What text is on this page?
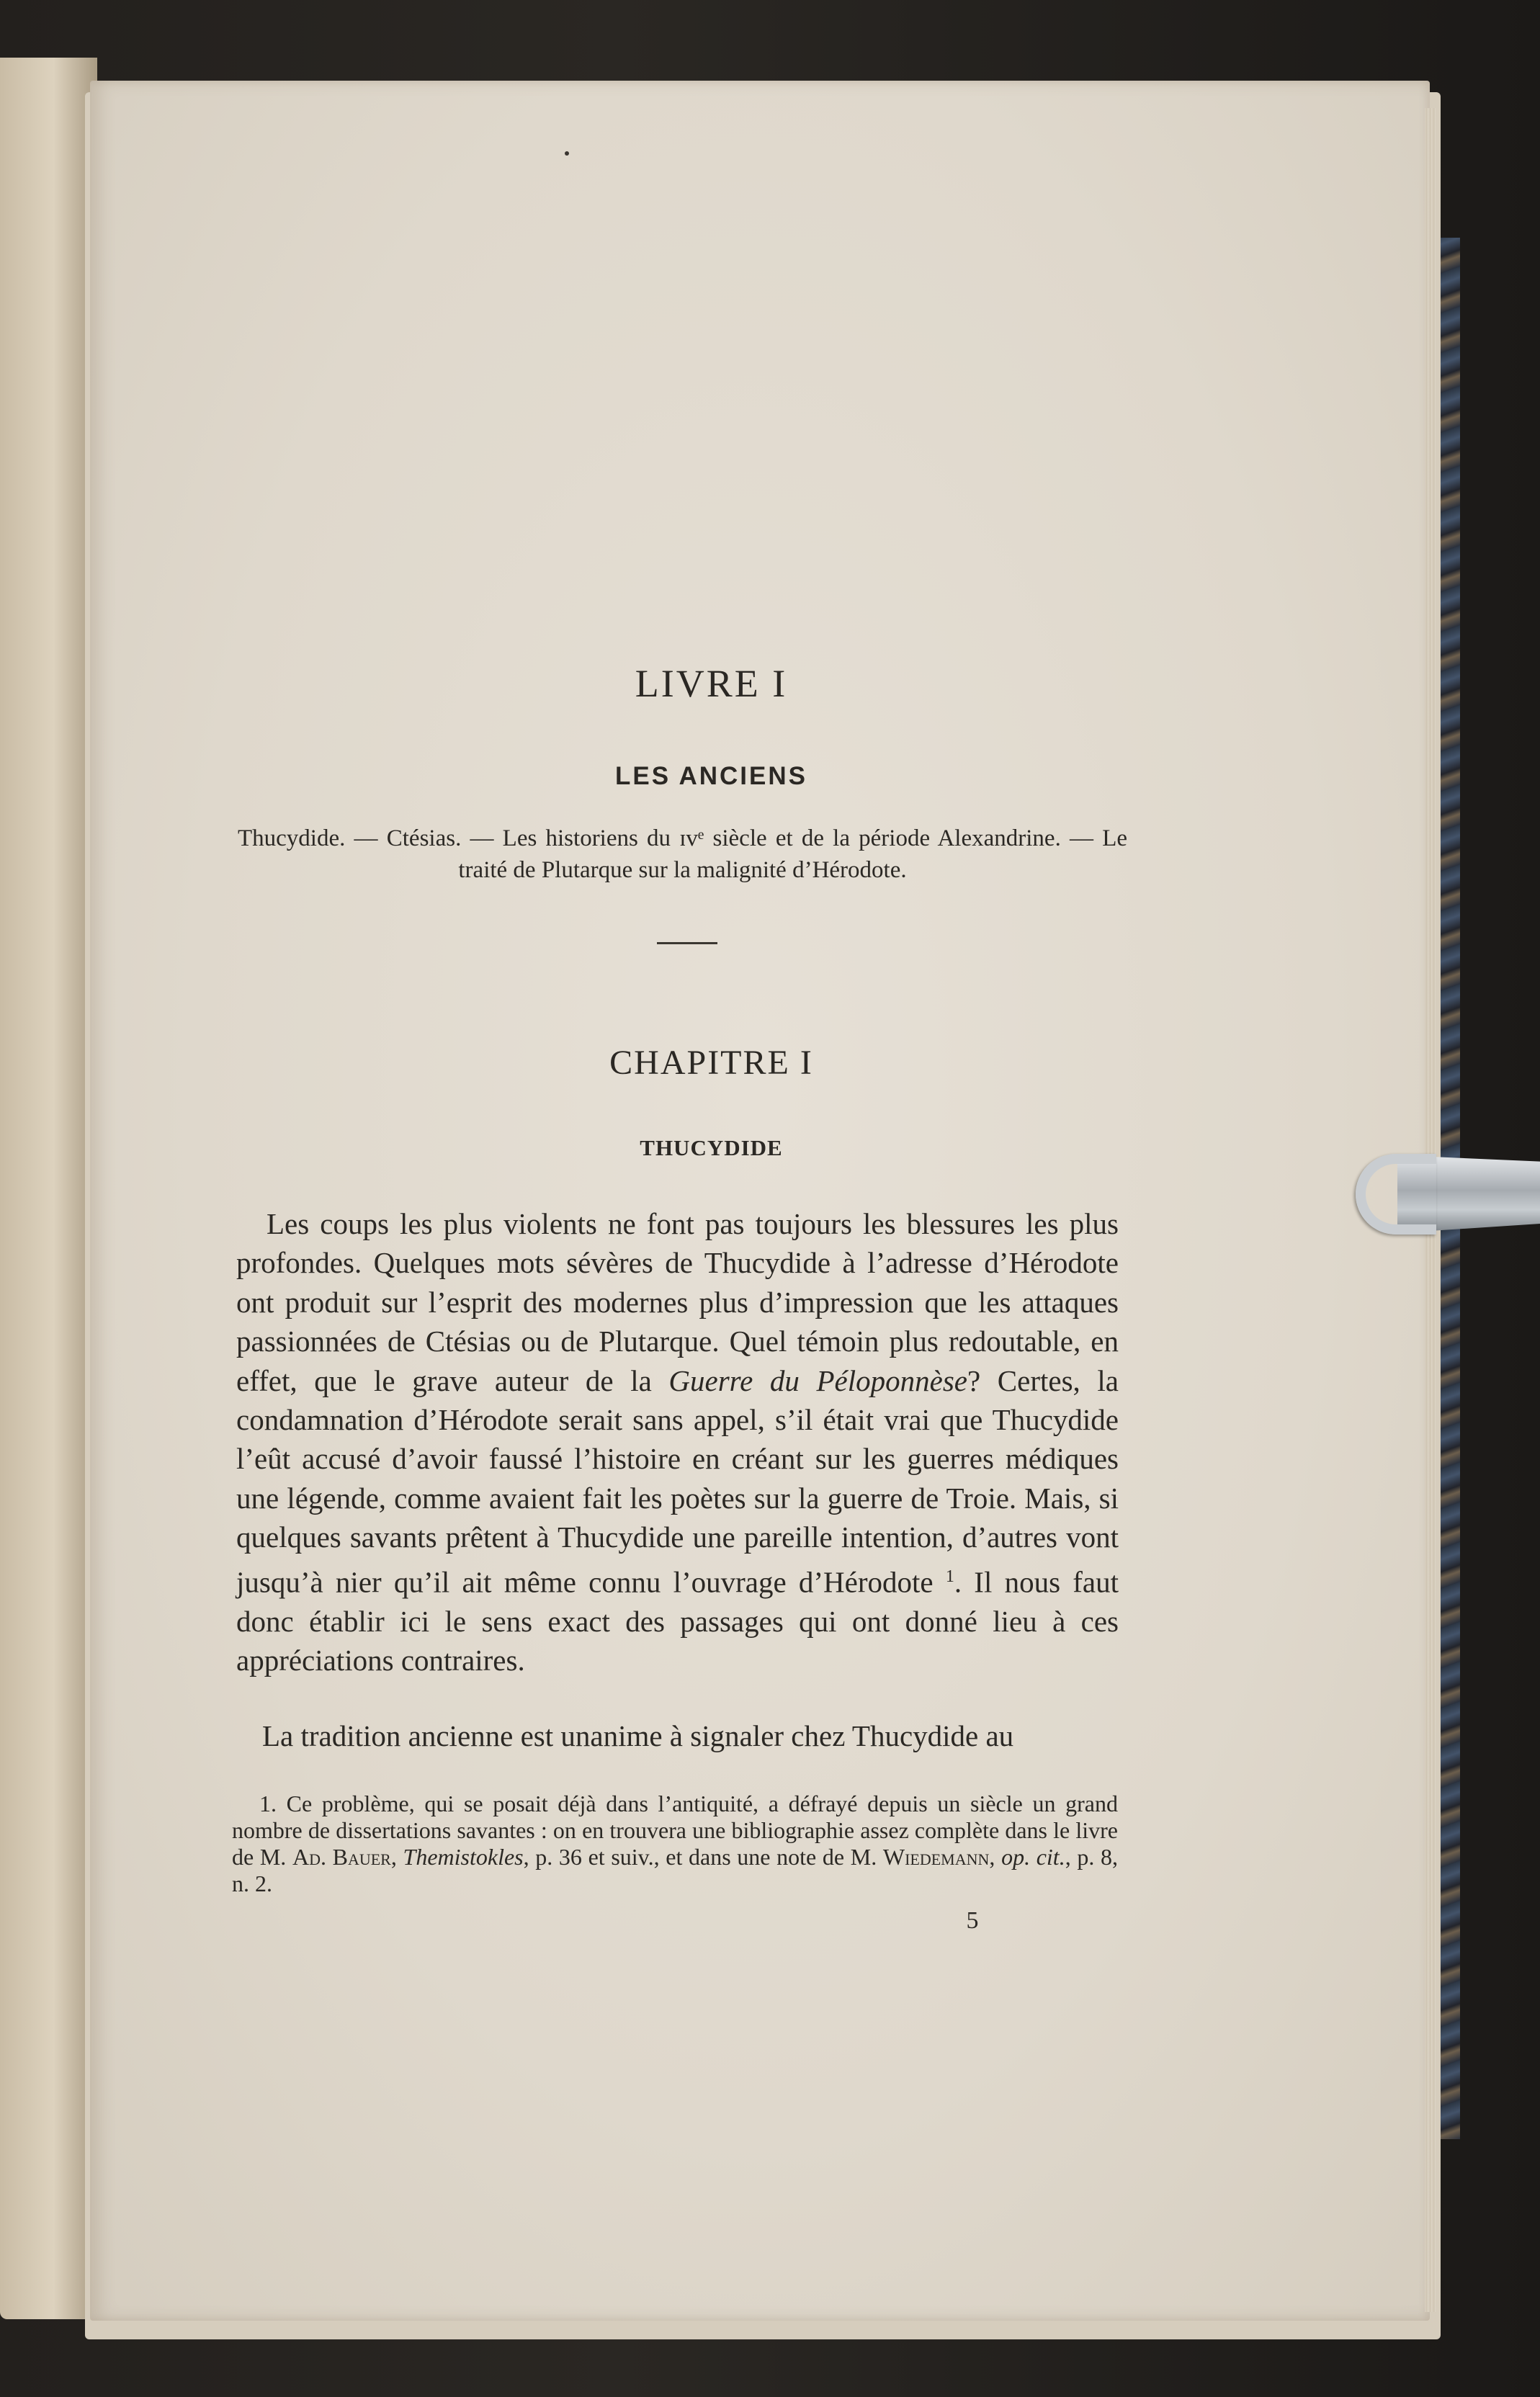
LIVRE I
LES ANCIENS
Thucydide. — Ctésias. — Les historiens du ɪᴠᵉ siècle et de la période Alexandrine. — Le traité de Plutarque sur la malignité d’Hérodote.
CHAPITRE I
THUCYDIDE
Les coups les plus violents ne font pas toujours les blessures les plus profondes. Quelques mots sévères de Thucydide à l’adresse d’Hérodote ont produit sur l’esprit des modernes plus d’impression que les attaques passionnées de Ctésias ou de Plutarque. Quel témoin plus redoutable, en effet, que le grave auteur de la Guerre du Péloponnèse? Certes, la condamnation d’Hérodote serait sans appel, s’il était vrai que Thucydide l’eût accusé d’avoir faussé l’histoire en créant sur les guerres médiques une légende, comme avaient fait les poètes sur la guerre de Troie. Mais, si quelques savants prêtent à Thucydide une pareille intention, d’autres vont jusqu’à nier qu’il ait même connu l’ouvrage d’Hérodote $^1$. Il nous faut donc établir ici le sens exact des passages qui ont donné lieu à ces appréciations contraires.
La tradition ancienne est unanime à signaler chez Thucydide au
1. Ce problème, qui se posait déjà dans l’antiquité, a défrayé depuis un siècle un grand nombre de dissertations savantes : on en trouvera une bibliographie assez complète dans le livre de M. Ad. Bauer, Themistokles, p. 36 et suiv., et dans une note de M. Wiedemann, op. cit., p. 8, n. 2.
5
